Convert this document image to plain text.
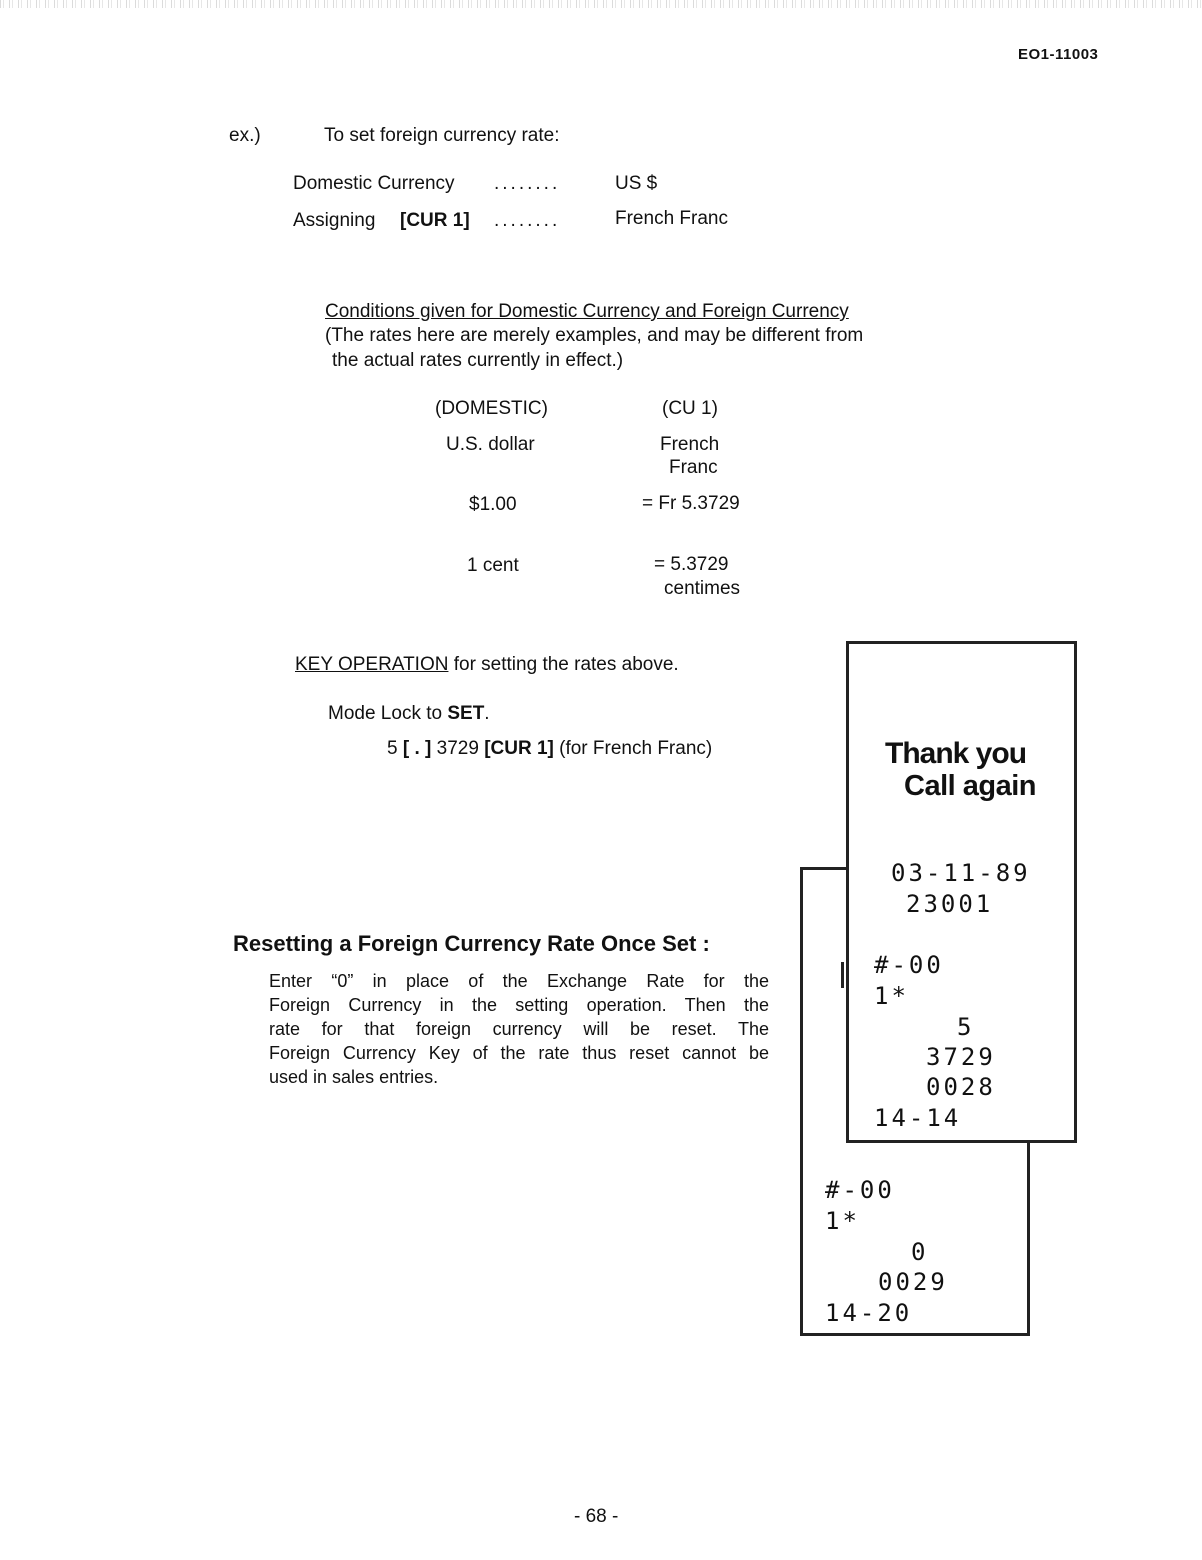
EO1-11003
ex.)	To set foreign currency rate:
Domestic Currency ........	US $
Assigning [CUR 1] ........	French Franc
Conditions given for Domestic Currency and Foreign Currency
(The rates here are merely examples, and may be different from
the actual rates currently in effect.)
(DOMESTIC)	(CU 1)
U.S. dollar	French
Franc
$1.00	= Fr 5.3729
1 cent	= 5.3729
centimes
KEY OPERATION for setting the rates above.
Mode Lock to SET.
5 [ . ] 3729 [CUR 1] (for French Franc)
Resetting a Foreign Currency Rate Once Set :
Enter “0” in place of the Exchange Rate for the
Foreign Currency in the setting operation. Then the
rate for that foreign currency will be reset. The
Foreign Currency Key of the rate thus reset cannot be
used in sales entries.
#-00
1*
0
0029
14-20
Thank you
Call again
03-11-89
23001
#-00
1*
5
3729
0028
14-14
- 68 -
